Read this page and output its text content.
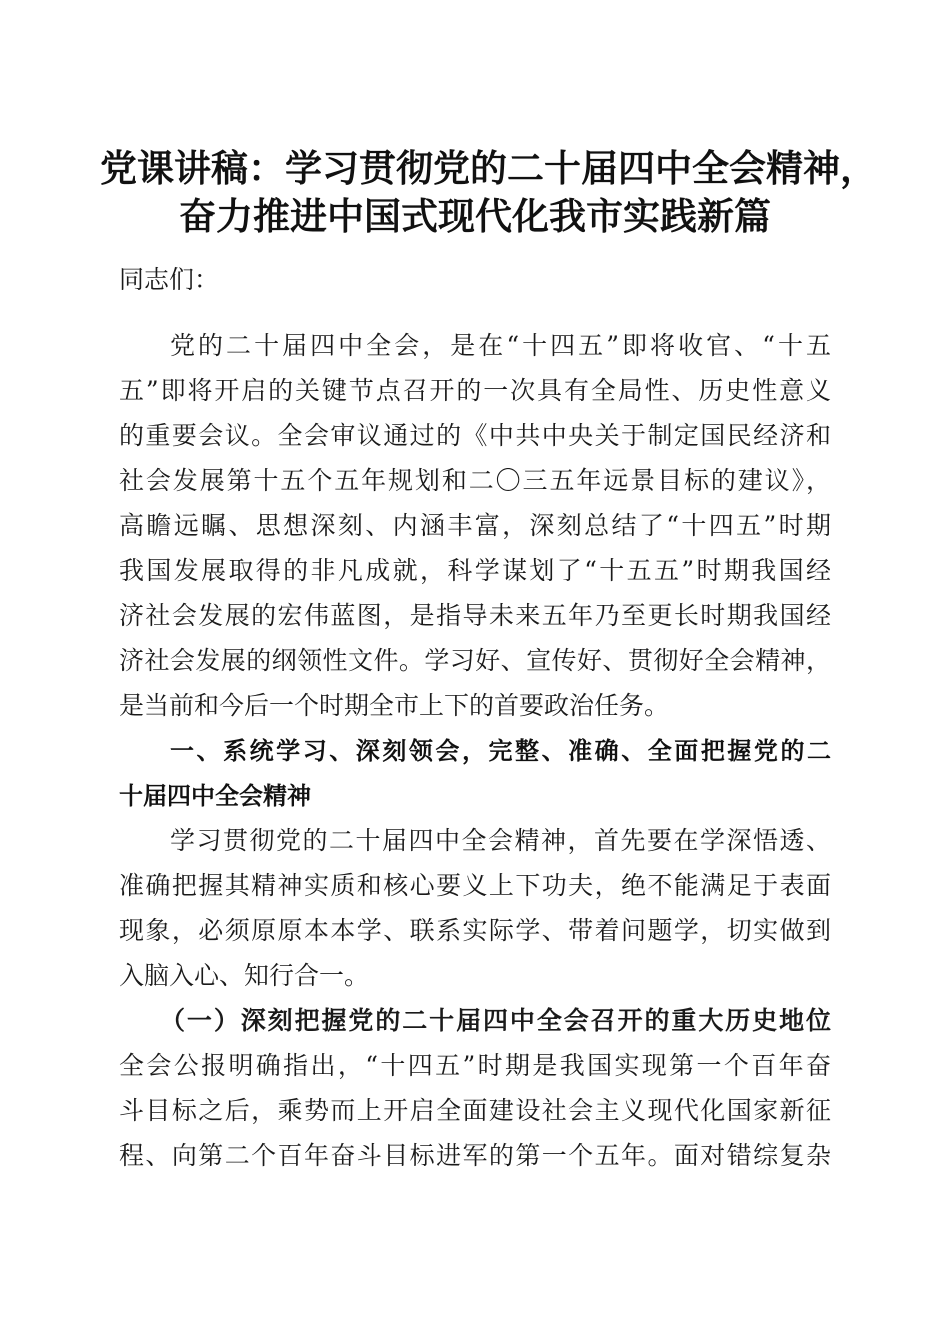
党课讲稿：学习贯彻党的二十届四中全会精神，
奋力推进中国式现代化我市实践新篇
同志们：
党的二十届四中全会，是在“十四五”即将收官、“十五
五”即将开启的关键节点召开的一次具有全局性、历史性意义
的重要会议。全会审议通过的《中共中央关于制定国民经济和
社会发展第十五个五年规划和二〇三五年远景目标的建议》，
高瞻远瞩、思想深刻、内涵丰富，深刻总结了“十四五”时期
我国发展取得的非凡成就，科学谋划了“十五五”时期我国经
济社会发展的宏伟蓝图，是指导未来五年乃至更长时期我国经
济社会发展的纲领性文件。学习好、宣传好、贯彻好全会精神，
是当前和今后一个时期全市上下的首要政治任务。
一、系统学习、深刻领会，完整、准确、全面把握党的二
十届四中全会精神
学习贯彻党的二十届四中全会精神，首先要在学深悟透、
准确把握其精神实质和核心要义上下功夫，绝不能满足于表面
现象，必须原原本本学、联系实际学、带着问题学，切实做到
入脑入心、知行合一。
（一）深刻把握党的二十届四中全会召开的重大历史地位
全会公报明确指出，“十四五”时期是我国实现第一个百年奋
斗目标之后，乘势而上开启全面建设社会主义现代化国家新征
程、向第二个百年奋斗目标进军的第一个五年。面对错综复杂
